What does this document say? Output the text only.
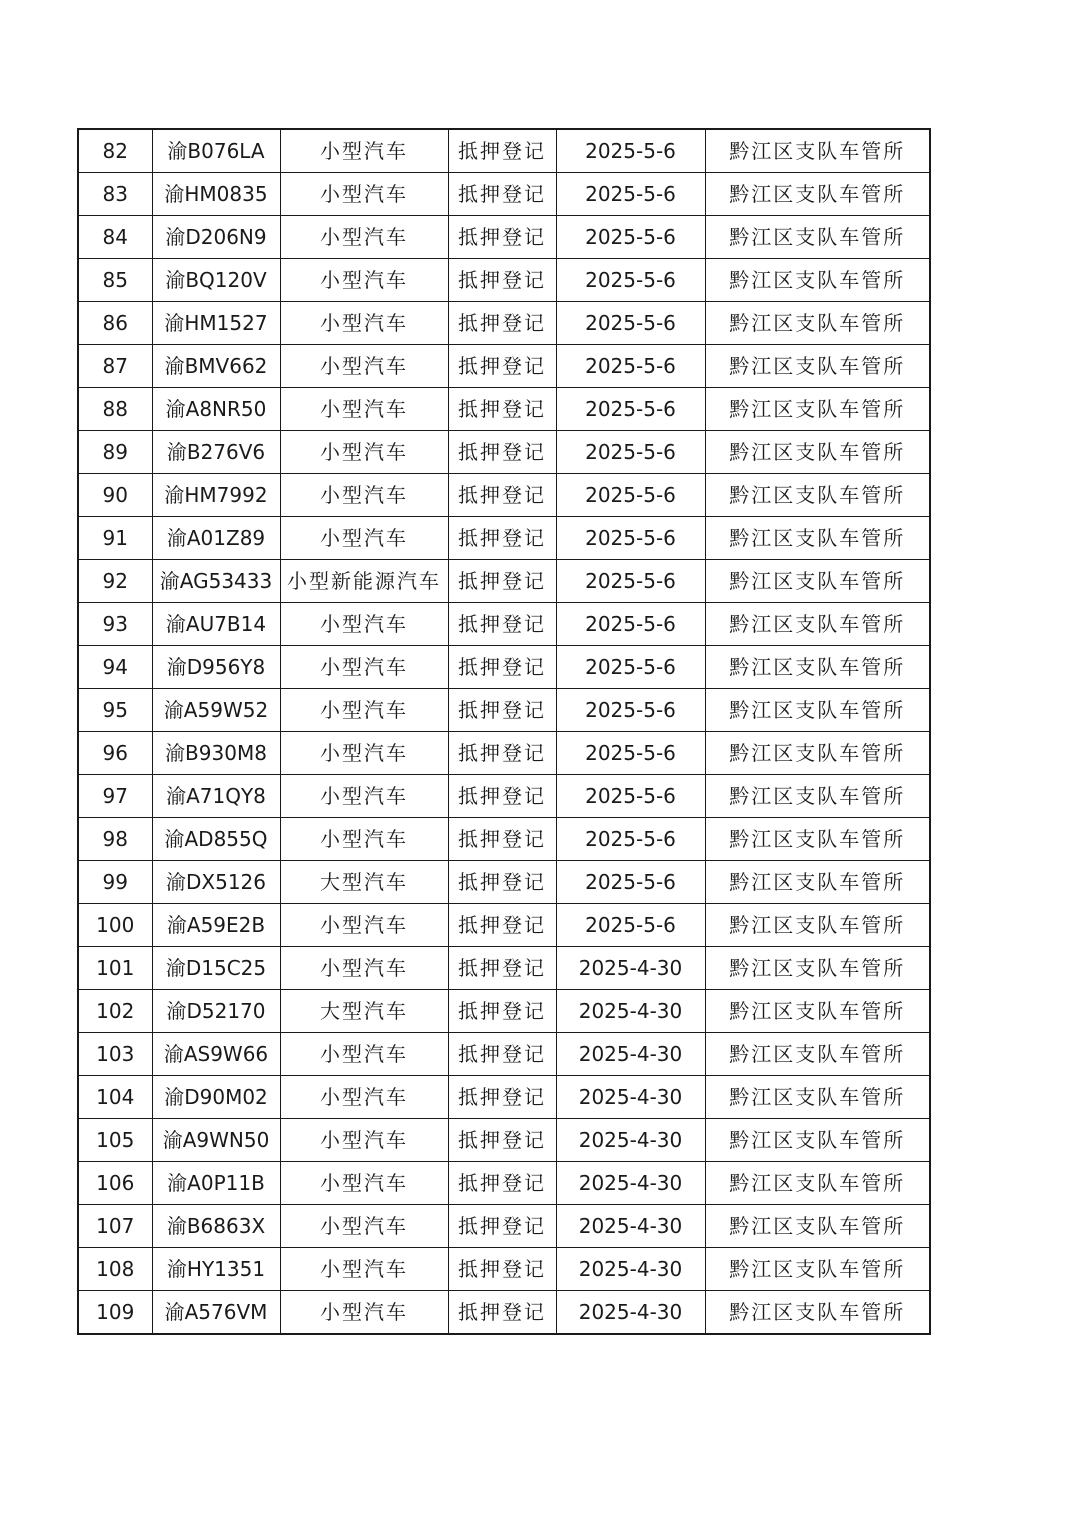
82	渝B076LA	小型汽车	抵押登记	2025-5-6	黔江区支队车管所
83	渝HM0835	小型汽车	抵押登记	2025-5-6	黔江区支队车管所
84	渝D206N9	小型汽车	抵押登记	2025-5-6	黔江区支队车管所
85	渝BQ120V	小型汽车	抵押登记	2025-5-6	黔江区支队车管所
86	渝HM1527	小型汽车	抵押登记	2025-5-6	黔江区支队车管所
87	渝BMV662	小型汽车	抵押登记	2025-5-6	黔江区支队车管所
88	渝A8NR50	小型汽车	抵押登记	2025-5-6	黔江区支队车管所
89	渝B276V6	小型汽车	抵押登记	2025-5-6	黔江区支队车管所
90	渝HM7992	小型汽车	抵押登记	2025-5-6	黔江区支队车管所
91	渝A01Z89	小型汽车	抵押登记	2025-5-6	黔江区支队车管所
92	渝AG53433	小型新能源汽车	抵押登记	2025-5-6	黔江区支队车管所
93	渝AU7B14	小型汽车	抵押登记	2025-5-6	黔江区支队车管所
94	渝D956Y8	小型汽车	抵押登记	2025-5-6	黔江区支队车管所
95	渝A59W52	小型汽车	抵押登记	2025-5-6	黔江区支队车管所
96	渝B930M8	小型汽车	抵押登记	2025-5-6	黔江区支队车管所
97	渝A71QY8	小型汽车	抵押登记	2025-5-6	黔江区支队车管所
98	渝AD855Q	小型汽车	抵押登记	2025-5-6	黔江区支队车管所
99	渝DX5126	大型汽车	抵押登记	2025-5-6	黔江区支队车管所
100	渝A59E2B	小型汽车	抵押登记	2025-5-6	黔江区支队车管所
101	渝D15C25	小型汽车	抵押登记	2025-4-30	黔江区支队车管所
102	渝D52170	大型汽车	抵押登记	2025-4-30	黔江区支队车管所
103	渝AS9W66	小型汽车	抵押登记	2025-4-30	黔江区支队车管所
104	渝D90M02	小型汽车	抵押登记	2025-4-30	黔江区支队车管所
105	渝A9WN50	小型汽车	抵押登记	2025-4-30	黔江区支队车管所
106	渝A0P11B	小型汽车	抵押登记	2025-4-30	黔江区支队车管所
107	渝B6863X	小型汽车	抵押登记	2025-4-30	黔江区支队车管所
108	渝HY1351	小型汽车	抵押登记	2025-4-30	黔江区支队车管所
109	渝A576VM	小型汽车	抵押登记	2025-4-30	黔江区支队车管所
